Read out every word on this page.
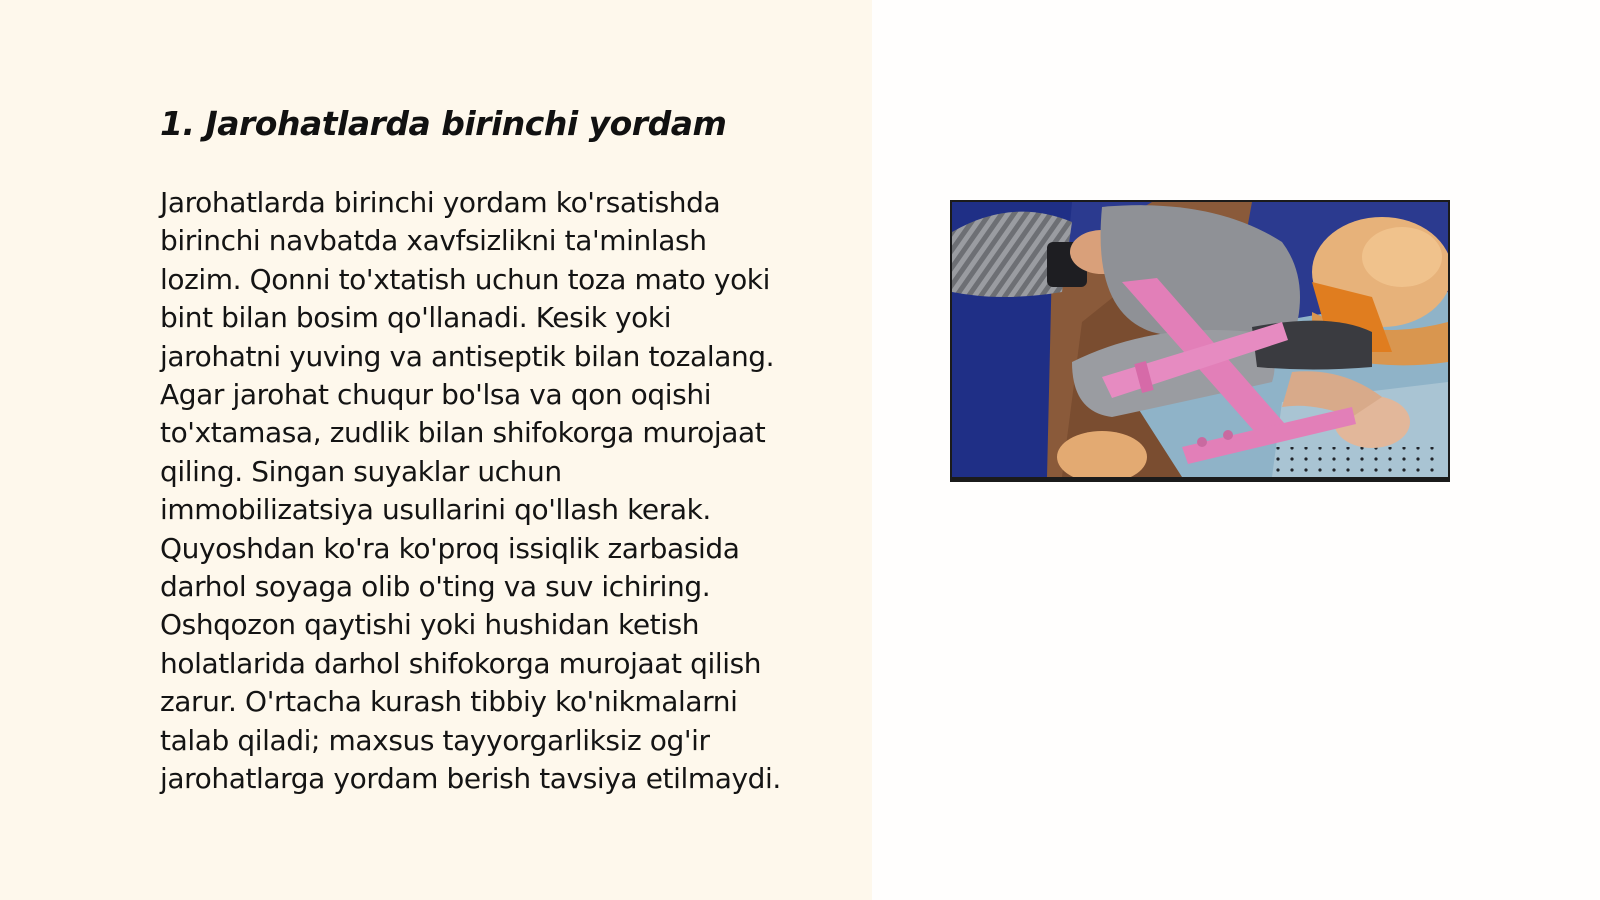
1. Jarohatlarda birinchi yordam

Jarohatlarda birinchi yordam ko'rsatishda
birinchi navbatda xavfsizlikni ta'minlash
lozim. Qonni to'xtatish uchun toza mato yoki
bint bilan bosim qo'llanadi. Kesik yoki
jarohatni yuving va antiseptik bilan tozalang.
Agar jarohat chuqur bo'lsa va qon oqishi
to'xtamasa, zudlik bilan shifokorga murojaat
qiling. Singan suyaklar uchun
immobilizatsiya usullarini qo'llash kerak.
Quyoshdan ko'ra ko'proq issiqlik zarbasida
darhol soyaga olib o'ting va suv ichiring.
Oshqozon qaytishi yoki hushidan ketish
holatlarida darhol shifokorga murojaat qilish
zarur. O'rtacha kurash tibbiy ko'nikmalarni
talab qiladi; maxsus tayyorgarliksiz og'ir
jarohatlarga yordam berish tavsiya etilmaydi.
